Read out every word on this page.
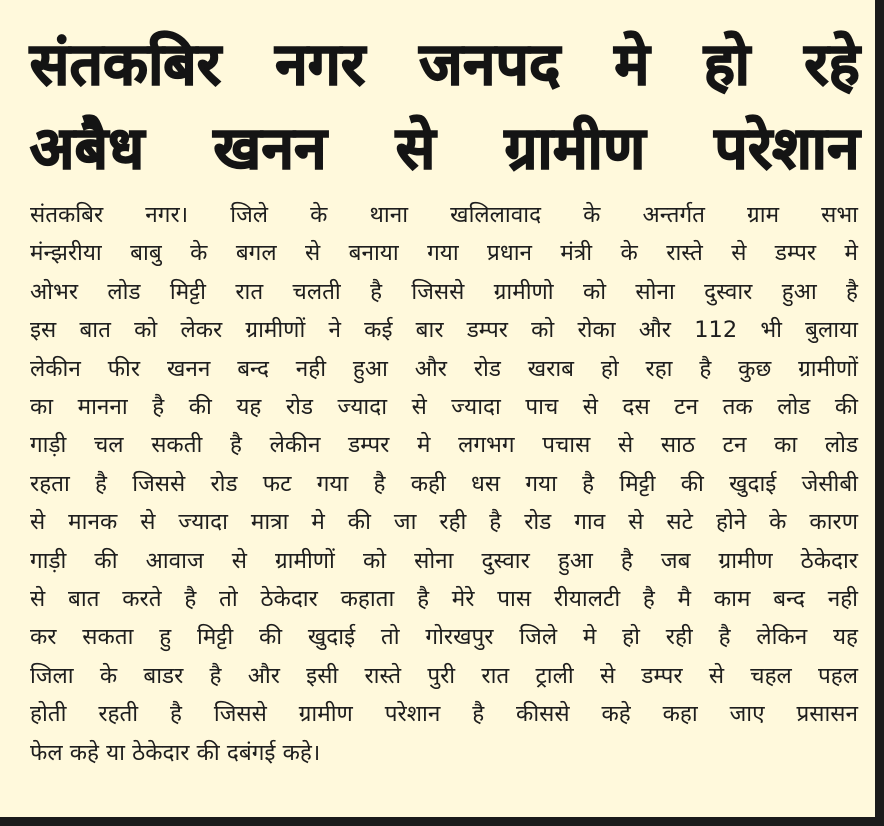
संतकबिर नगर जनपद मे हो रहे
अबैध खनन से ग्रामीण परेशान
संतकबिर नगर। जिले के थाना खलिलावाद के अन्तर्गत ग्राम सभा
मंन्झरीया बाबु के बगल से बनाया गया प्रधान मंत्री के रास्ते से डम्पर मे
ओभर लोड मिट्टी रात चलती है जिससे ग्रामीणो को सोना दुस्वार हुआ है
इस बात को लेकर ग्रामीणों ने कई बार डम्पर को रोका और 112 भी बुलाया
लेकीन फीर खनन बन्द नही हुआ और रोड खराब हो रहा है कुछ ग्रामीणों
का मानना है की यह रोड ज्यादा से ज्यादा पाच से दस टन तक लोड की
गाड़ी चल सकती है लेकीन डम्पर मे लगभग पचास से साठ टन का लोड
रहता है जिससे रोड फट गया है कही धस गया है मिट्टी की खुदाई जेसीबी
से मानक से ज्यादा मात्रा मे की जा रही है रोड गाव से सटे होने के कारण
गाड़ी की आवाज से ग्रामीणों को सोना दुस्वार हुआ है जब ग्रामीण ठेकेदार
से बात करते है तो ठेकेदार कहाता है मेरे पास रीयालटी है मै काम बन्द नही
कर सकता हु मिट्टी की खुदाई तो गोरखपुर जिले मे हो रही है लेकिन यह
जिला के बाडर है और इसी रास्ते पुरी रात ट्राली से डम्पर से चहल पहल
होती रहती है जिससे ग्रामीण परेशान है कीससे कहे कहा जाए प्रसासन
फेल कहे या ठेकेदार की दबंगई कहे।
